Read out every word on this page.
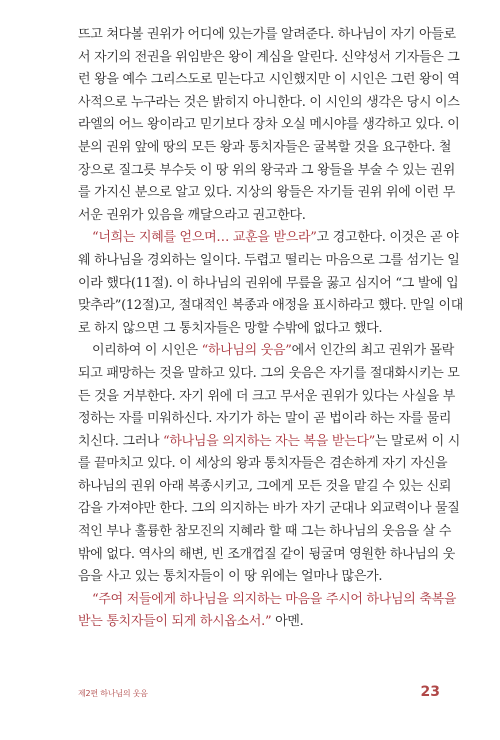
뜨고 쳐다볼 권위가 어디에 있는가를 알려준다. 하나님이 자기 아들로
서 자기의 전권을 위임받은 왕이 계심을 알린다. 신약성서 기자들은 그
런 왕을 예수 그리스도로 믿는다고 시인했지만 이 시인은 그런 왕이 역
사적으로 누구라는 것은 밝히지 아니한다. 이 시인의 생각은 당시 이스
라엘의 어느 왕이라고 믿기보다 장차 오실 메시야를 생각하고 있다. 이
분의 권위 앞에 땅의 모든 왕과 통치자들은 굴복할 것을 요구한다. 철
장으로 질그릇 부수듯 이 땅 위의 왕국과 그 왕들을 부술 수 있는 권위
를 가지신 분으로 알고 있다. 지상의 왕들은 자기들 권위 위에 이런 무
서운 권위가 있음을 깨달으라고 권고한다.
“너희는 지혜를 얻으며… 교훈을 받으라”고 경고한다. 이것은 곧 야
웨 하나님을 경외하는 일이다. 두렵고 떨리는 마음으로 그를 섬기는 일
이라 했다(11절). 이 하나님의 권위에 무릎을 꿇고 심지어 “그 발에 입
맞추라”(12절)고, 절대적인 복종과 애정을 표시하라고 했다. 만일 이대
로 하지 않으면 그 통치자들은 망할 수밖에 없다고 했다.
이리하여 이 시인은 “하나님의 웃음”에서 인간의 최고 권위가 몰락
되고 패망하는 것을 말하고 있다. 그의 웃음은 자기를 절대화시키는 모
든 것을 거부한다. 자기 위에 더 크고 무서운 권위가 있다는 사실을 부
정하는 자를 미워하신다. 자기가 하는 말이 곧 법이라 하는 자를 물리
치신다. 그러나 “하나님을 의지하는 자는 복을 받는다”는 말로써 이 시
를 끝마치고 있다. 이 세상의 왕과 통치자들은 겸손하게 자기 자신을
하나님의 권위 아래 복종시키고, 그에게 모든 것을 맡길 수 있는 신뢰
감을 가져야만 한다. 그의 의지하는 바가 자기 군대나 외교력이나 물질
적인 부나 훌륭한 참모진의 지혜라 할 때 그는 하나님의 웃음을 살 수
밖에 없다. 역사의 해변, 빈 조개껍질 같이 뒹굴며 영원한 하나님의 웃
음을 사고 있는 통치자들이 이 땅 위에는 얼마나 많은가.
“주여 저들에게 하나님을 의지하는 마음을 주시어 하나님의 축복을
받는 통치자들이 되게 하시옵소서.” 아멘.
제2편 하나님의 웃음	23
